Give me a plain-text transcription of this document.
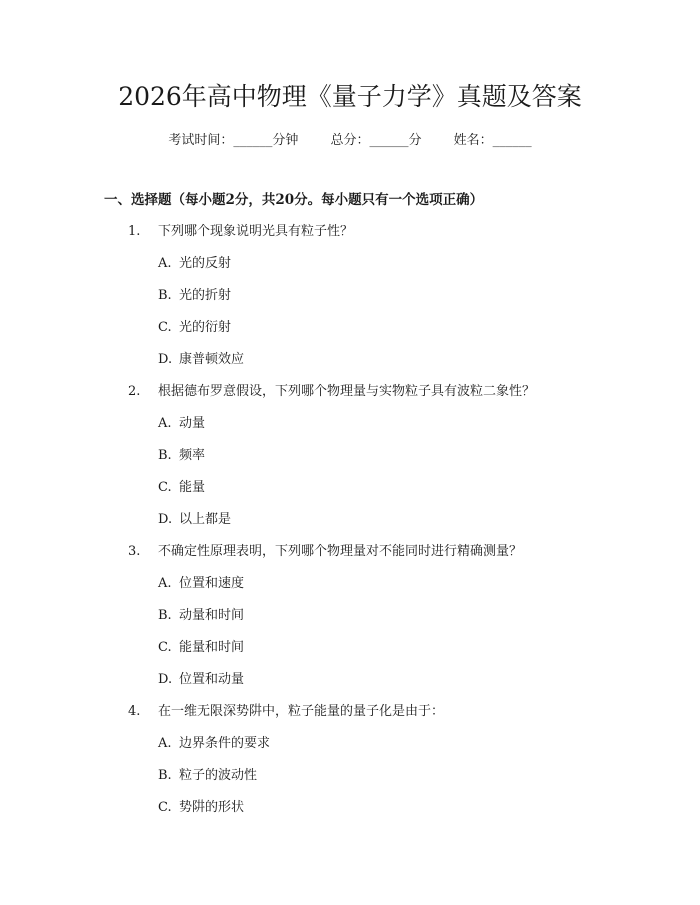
2026年高中物理《量子力学》真题及答案
考试时间：______分钟 总分：______分 姓名：______
一、选择题（每小题2分，共20分。每小题只有一个选项正确）
1. 下列哪个现象说明光具有粒子性？
A. 光的反射
B. 光的折射
C. 光的衍射
D. 康普顿效应
2. 根据德布罗意假设，下列哪个物理量与实物粒子具有波粒二象性？
A. 动量
B. 频率
C. 能量
D. 以上都是
3. 不确定性原理表明，下列哪个物理量对不能同时进行精确测量？
A. 位置和速度
B. 动量和时间
C. 能量和时间
D. 位置和动量
4. 在一维无限深势阱中，粒子能量的量子化是由于：
A. 边界条件的要求
B. 粒子的波动性
C. 势阱的形状
